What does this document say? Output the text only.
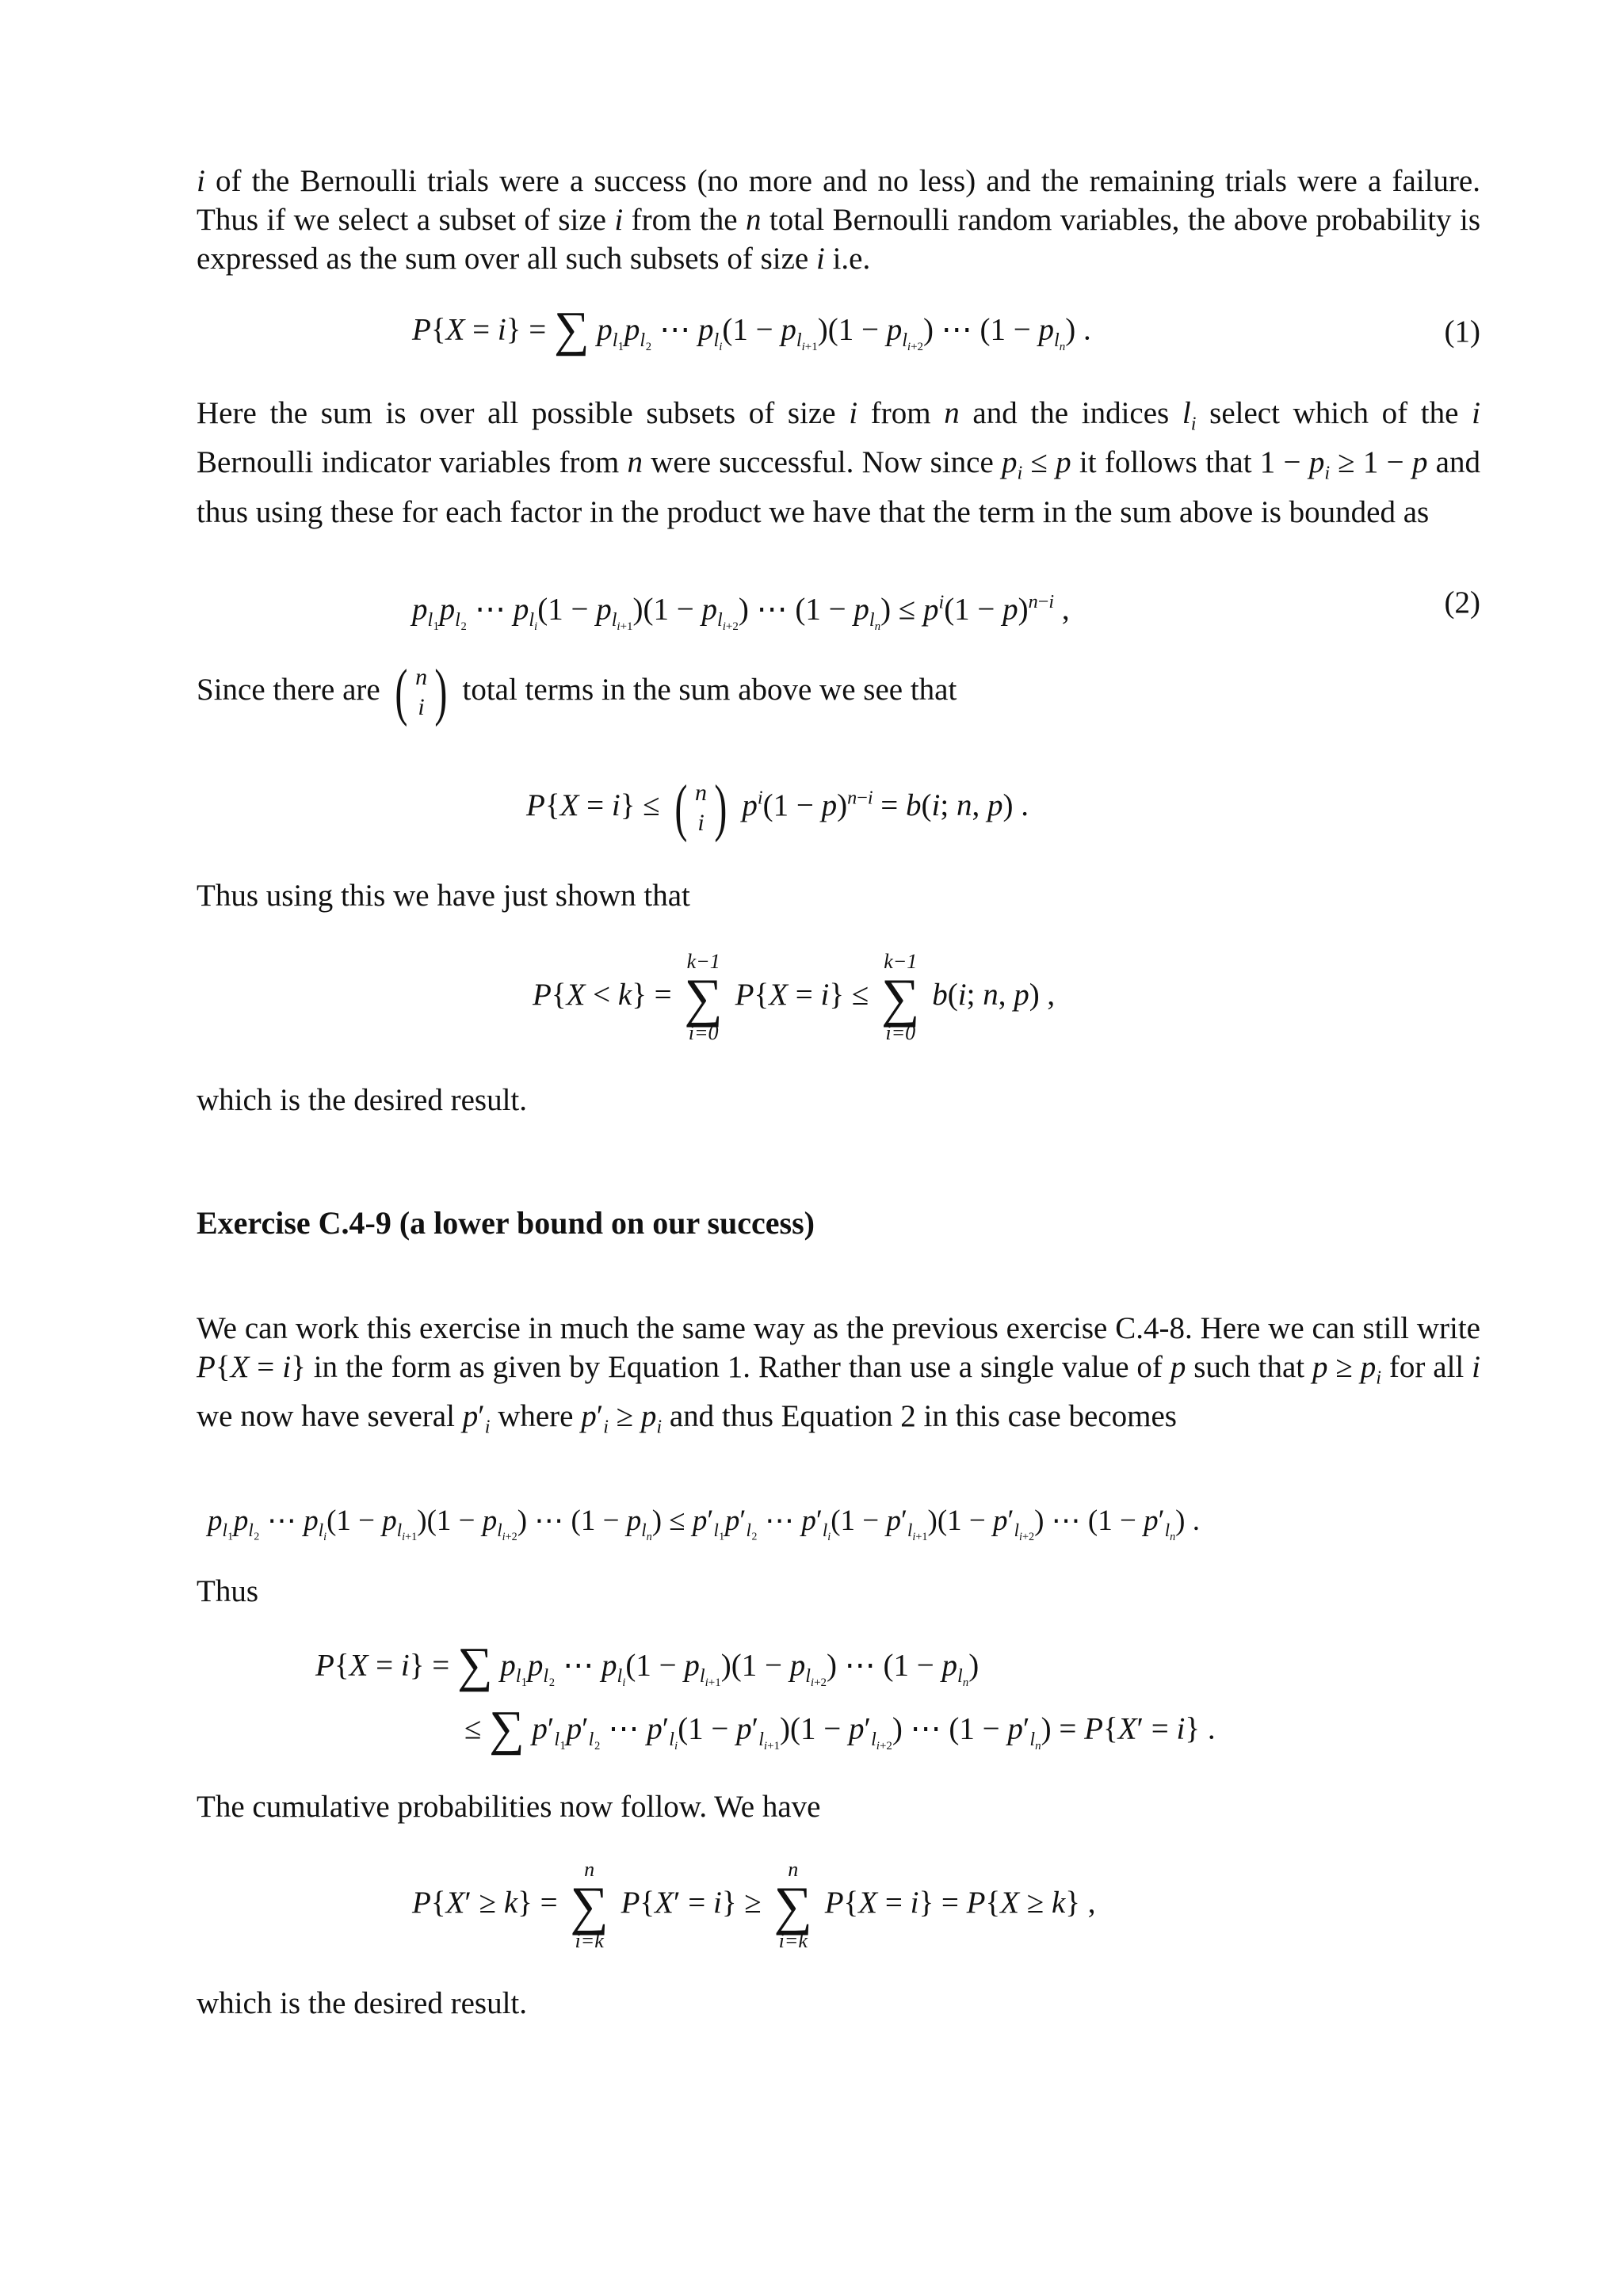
i of the Bernoulli trials were a success (no more and no less) and the remaining trials were a failure. Thus if we select a subset of size i from the n total Bernoulli random variables, the above probability is expressed as the sum over all such subsets of size i i.e.
P{X = i} = ∑ $p_{l_1}p_{l_2}$ ⋯ $p_{l_i}(1 - p_{l_{i+1}})(1 - p_{l_{i+2}})$ ⋯ $(1 - p_{l_n})$ .	(1)
Here the sum is over all possible subsets of size i from n and the indices $l_i$ select which of the i Bernoulli indicator variables from n were successful. Now since $p_i \le p$ it follows that $1 - p_i \ge 1 - p$ and thus using these for each factor in the product we have that the term in the sum above is bounded as
$p_{l_1}p_{l_2}$ ⋯ $p_{l_i}(1 - p_{l_{i+1}})(1 - p_{l_{i+2}})$ ⋯ $(1 - p_{l_n}) \le p^i(1 - p)^{n-i}$ ,	(2)
Since there are ( n
i ) total terms in the sum above we see that
P{X = i} ≤ ( n
i ) $p^i(1 - p)^{n-i} = b(i$; n, p) .
Thus using this we have just shown that
P{X < k} =
k−1
∑
i=0
P{X = i} ≤
k−1
∑
i=0
b(i; n, p) ,
which is the desired result.
Exercise C.4-9 (a lower bound on our success)
We can work this exercise in much the same way as the previous exercise C.4-8. Here we can still write P{X = i} in the form as given by Equation 1. Rather than use a single value of p such that $p \ge p_i$ for all i we now have several $p'_i$ where $p'_i \ge p_i$ and thus Equation 2 in this case becomes
$p_{l_1}p_{l_2}$ ⋯ $p_{l_i}(1 - p_{l_{i+1}})(1 - p_{l_{i+2}})$ ⋯ $(1 - p_{l_n}) \le p'_{l_1}p'_{l_2}$ ⋯ $p'_{l_i}(1 - p'_{l_{i+1}})(1 - p'_{l_{i+2}})$ ⋯ $(1 - p'_{l_n})$ .
Thus
P{X = i} = ∑ $p_{l_1}p_{l_2}$ ⋯ $p_{l_i}(1 - p_{l_{i+1}})(1 - p_{l_{i+2}})$ ⋯ $(1 - p_{l_n})$
≤ ∑ $p'_{l_1}p'_{l_2}$ ⋯ $p'_{l_i}(1 - p'_{l_{i+1}})(1 - p'_{l_{i+2}})$ ⋯ $(1 - p'_{l_n}) = P\{X' = i\}$ .
The cumulative probabilities now follow. We have
P{X′ ≥ k} =
n
∑
i=k
P{X′ = i} ≥
n
∑
i=k
P{X = i} = P{X ≥ k} ,
which is the desired result.
